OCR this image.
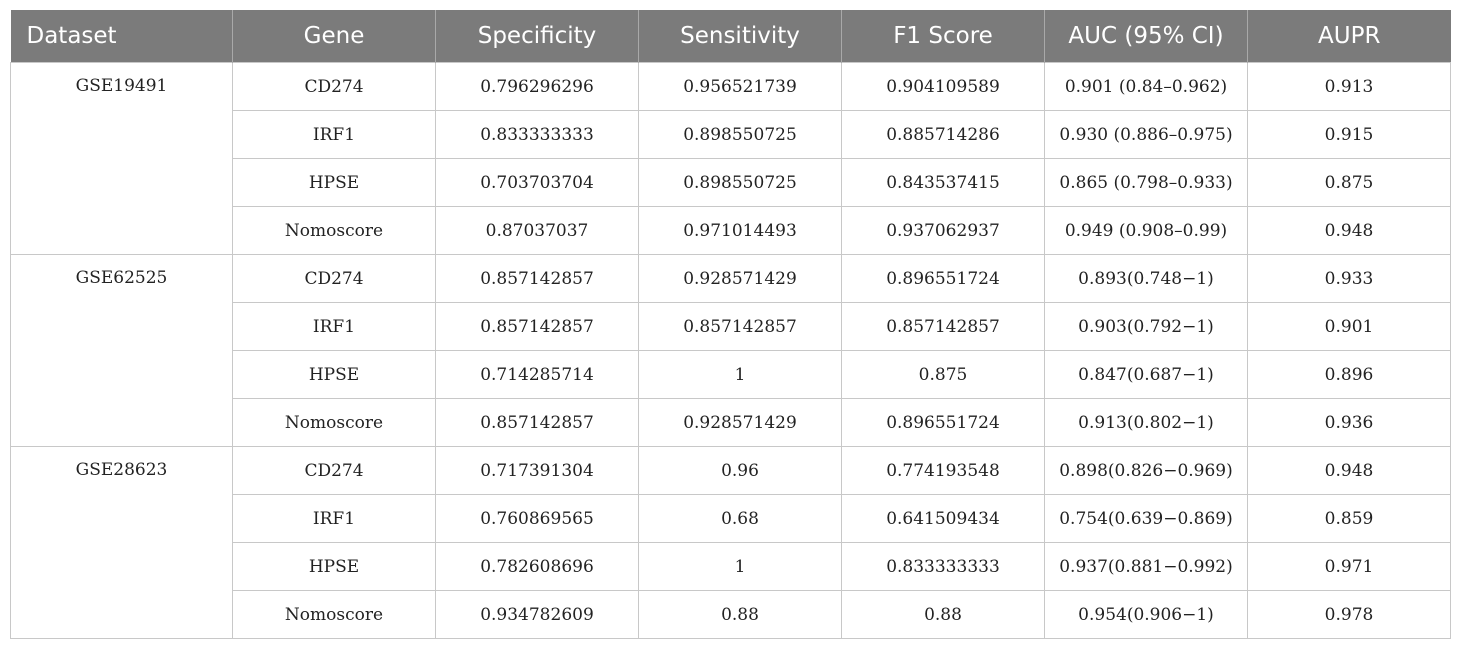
Dataset	Gene	Specificity	Sensitivity	F1 Score	AUC (95% CI)	AUPR
GSE19491	CD274	0.796296296	0.956521739	0.904109589	0.901 (0.84–0.962)	0.913
	IRF1	0.833333333	0.898550725	0.885714286	0.930 (0.886–0.975)	0.915
	HPSE	0.703703704	0.898550725	0.843537415	0.865 (0.798–0.933)	0.875
	Nomoscore	0.87037037	0.971014493	0.937062937	0.949 (0.908–0.99)	0.948
GSE62525	CD274	0.857142857	0.928571429	0.896551724	0.893(0.748−1)	0.933
	IRF1	0.857142857	0.857142857	0.857142857	0.903(0.792−1)	0.901
	HPSE	0.714285714	1	0.875	0.847(0.687−1)	0.896
	Nomoscore	0.857142857	0.928571429	0.896551724	0.913(0.802−1)	0.936
GSE28623	CD274	0.717391304	0.96	0.774193548	0.898(0.826−0.969)	0.948
	IRF1	0.760869565	0.68	0.641509434	0.754(0.639−0.869)	0.859
	HPSE	0.782608696	1	0.833333333	0.937(0.881−0.992)	0.971
	Nomoscore	0.934782609	0.88	0.88	0.954(0.906−1)	0.978
